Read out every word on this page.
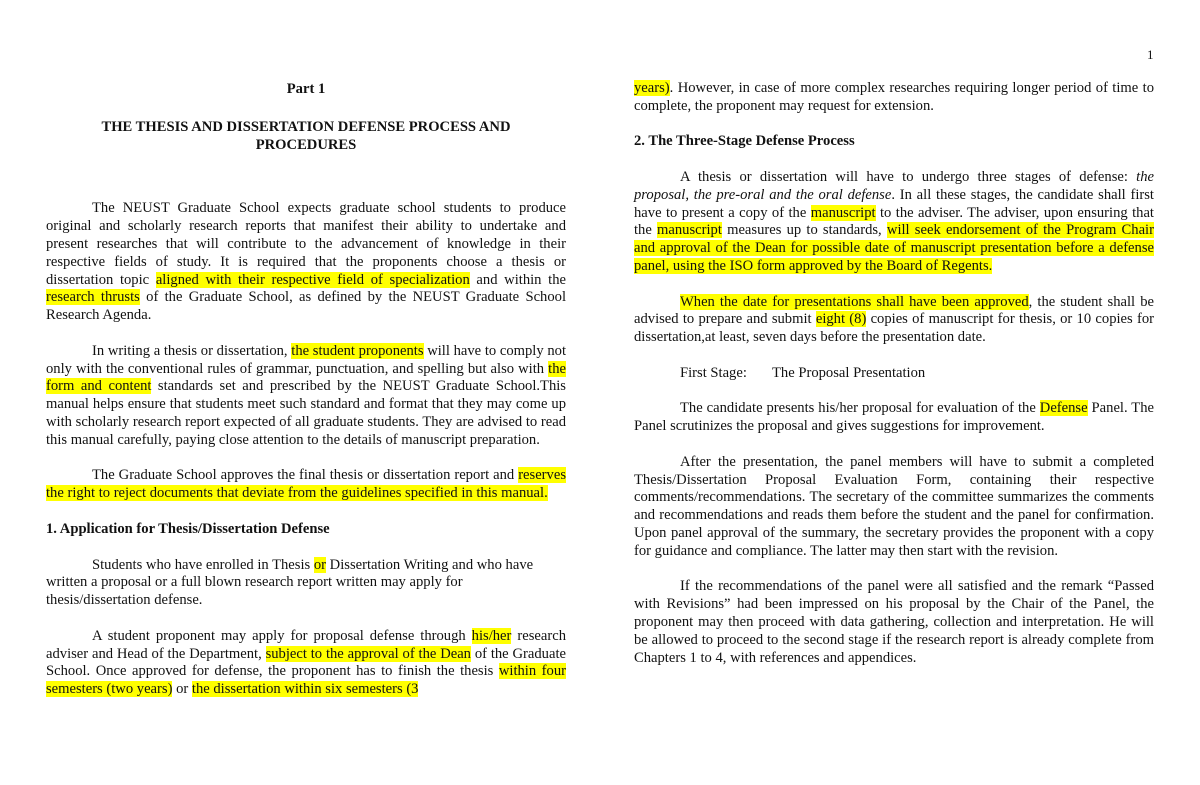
1
Part 1
THE THESIS AND DISSERTATION DEFENSE PROCESS AND PROCEDURES

The NEUST Graduate School expects graduate school students to produce original and scholarly research reports that manifest their ability to undertake and present researches that will contribute to the advancement of knowledge in their respective fields of study. It is required that the proponents choose a thesis or dissertation topic aligned with their respective field of specialization and within the research thrusts of the Graduate School, as defined by the NEUST Graduate School Research Agenda.

In writing a thesis or dissertation, the student proponents will have to comply not only with the conventional rules of grammar, punctuation, and spelling but also with the form and content standards set and prescribed by the NEUST Graduate School.This manual helps ensure that students meet such standard and format that they may come up with scholarly research report expected of all graduate students. They are advised to read this manual carefully, paying close attention to the details of manuscript preparation.

The Graduate School approves the final thesis or dissertation report and reserves the right to reject documents that deviate from the guidelines specified in this manual.

1. Application for Thesis/Dissertation Defense

Students who have enrolled in Thesis or Dissertation Writing and who have written a proposal or a full blown research report written may apply for thesis/dissertation defense.

A student proponent may apply for proposal defense through his/her research adviser and Head of the Department, subject to the approval of the Dean of the Graduate School. Once approved for defense, the proponent has to finish the thesis within four semesters (two years) or the dissertation within six semesters (3

years). However, in case of more complex researches requiring longer period of time to complete, the proponent may request for extension.

2. The Three-Stage Defense Process

A thesis or dissertation will have to undergo three stages of defense: the proposal, the pre-oral and the oral defense. In all these stages, the candidate shall first have to present a copy of the manuscript to the adviser. The adviser, upon ensuring that the manuscript measures up to standards, will seek endorsement of the Program Chair and approval of the Dean for possible date of manuscript presentation before a defense panel, using the ISO form approved by the Board of Regents.

When the date for presentations shall have been approved, the student shall be advised to prepare and submit eight (8) copies of manuscript for thesis, or 10 copies for dissertation,at least, seven days before the presentation date.

First Stage: The Proposal Presentation

The candidate presents his/her proposal for evaluation of the Defense Panel. The Panel scrutinizes the proposal and gives suggestions for improvement.

After the presentation, the panel members will have to submit a completed Thesis/Dissertation Proposal Evaluation Form, containing their respective comments/recommendations. The secretary of the committee summarizes the comments and recommendations and reads them before the student and the panel for confirmation. Upon panel approval of the summary, the secretary provides the proponent with a copy for guidance and compliance. The latter may then start with the revision.

If the recommendations of the panel were all satisfied and the remark “Passed with Revisions” had been impressed on his proposal by the Chair of the Panel, the proponent may then proceed with data gathering, collection and interpretation. He will be allowed to proceed to the second stage if the research report is already complete from Chapters 1 to 4, with references and appendices.
